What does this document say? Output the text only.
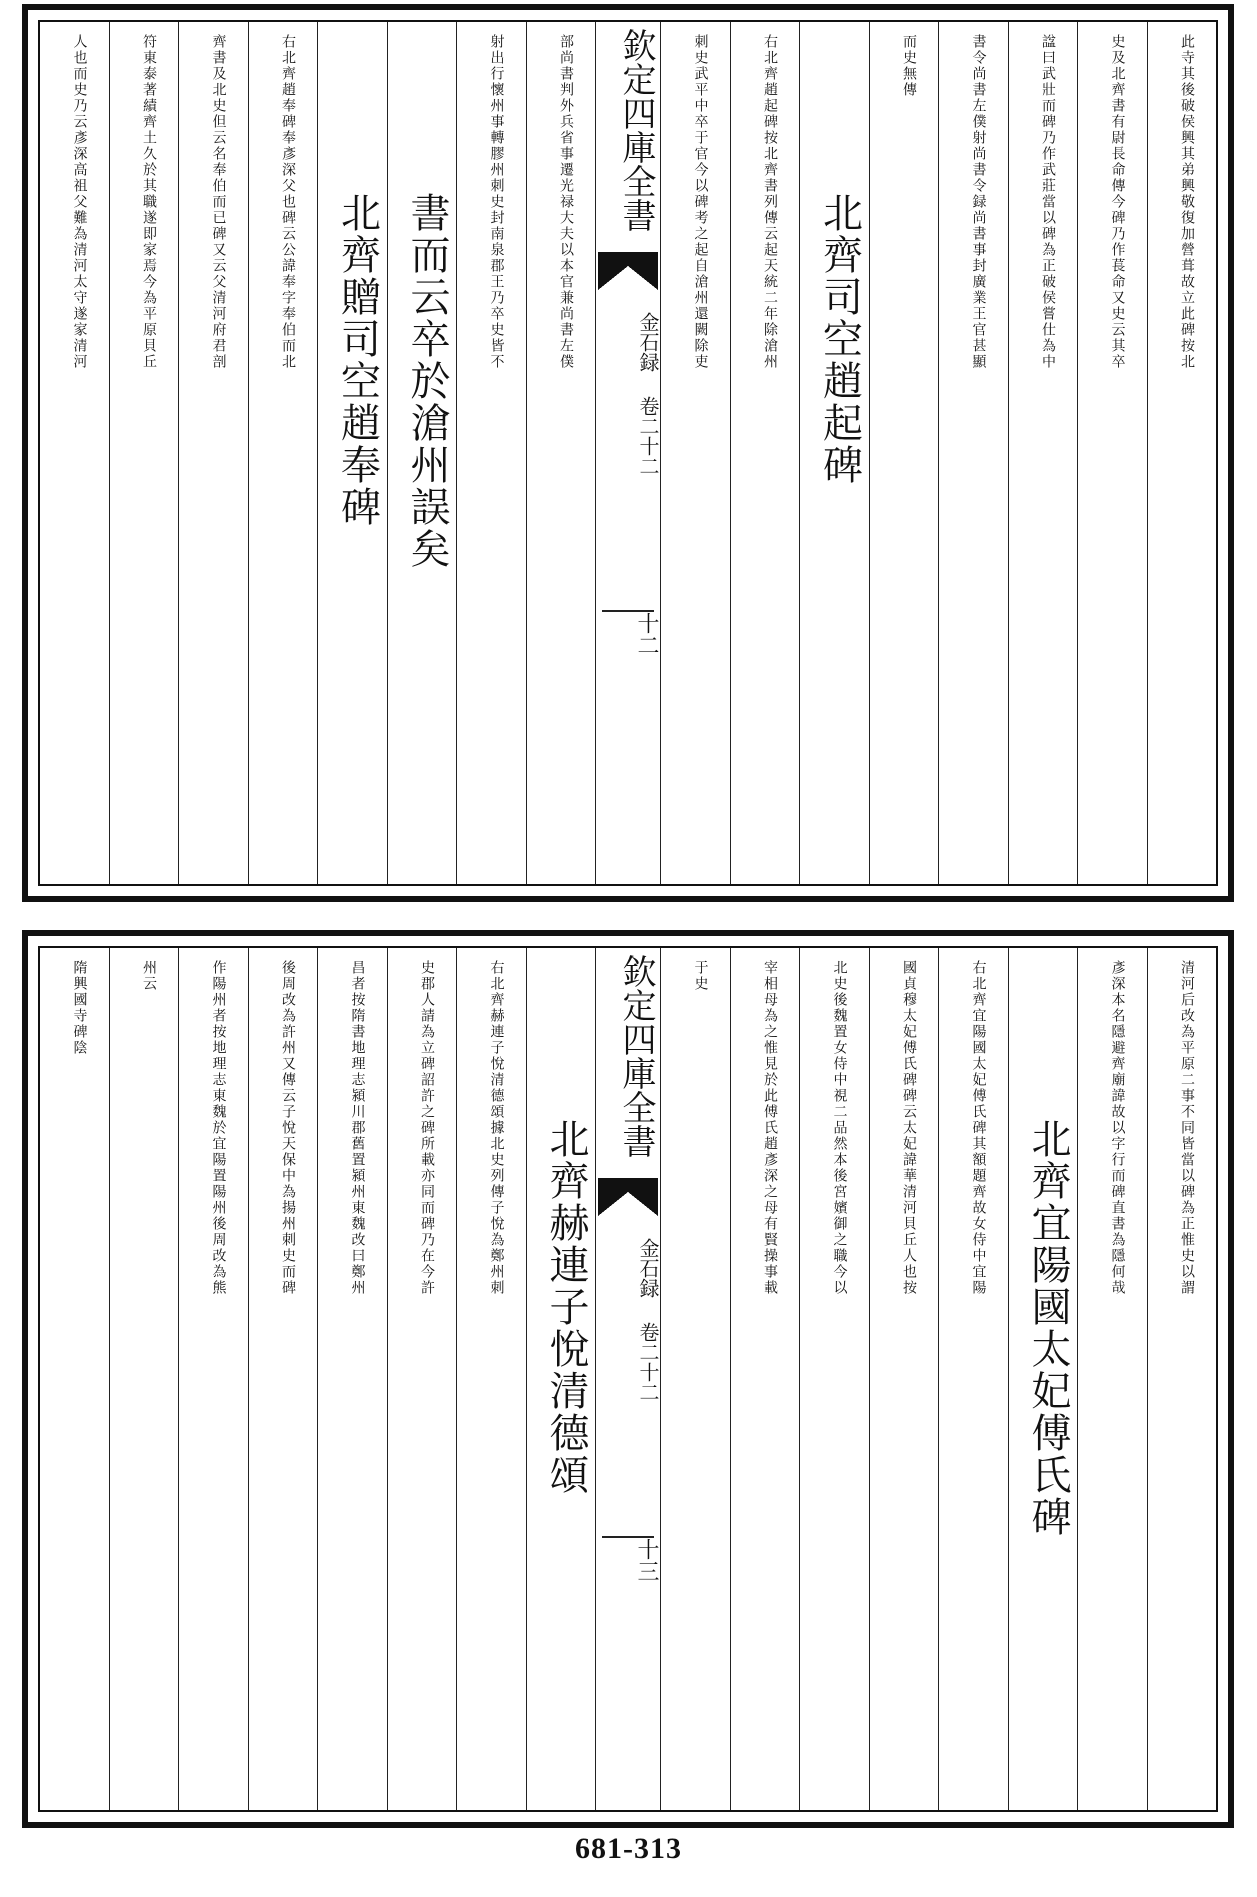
此寺其後破侯興其弟興敬復加營葺故立此碑按北
史及北齊書有尉長命傳今碑乃作萇命又史云其卒
諡曰武壯而碑乃作武莊當以碑為正破侯嘗仕為中
書令尚書左僕射尚書令録尚書事封廣業王官甚顯
而史無傳
北齊司空趙起碑
右北齊趙起碑按北齊書列傳云起天統二年除滄州
刺史武平中卒于官今以碑考之起自滄州還闕除吏
欽定四庫全書
金石録 卷二十二
十二
部尚書判外兵省事遷光禄大夫以本官兼尚書左僕
射出行懷州事轉膠州刺史封南泉郡王乃卒史皆不
書而云卒於滄州誤矣
北齊贈司空趙奉碑
右北齊趙奉碑奉彥深父也碑云公諱奉字奉伯而北
齊書及北史但云名奉伯而已碑又云父清河府君剖
符東泰著績齊土久於其職遂即家焉今為平原貝丘
人也而史乃云彥深高祖父難為清河太守遂家清河
清河后改為平原二事不同皆當以碑為正惟史以謂
彥深本名隱避齊廟諱故以字行而碑直書為隱何哉
北齊宜陽國太妃傅氏碑
右北齊宜陽國太妃傅氏碑其額題齊故女侍中宜陽
國貞穆太妃傅氏碑碑云太妃諱華清河貝丘人也按
北史後魏置女侍中視二品然本後宮嬪御之職今以
宰相母為之惟見於此傅氏趙彥深之母有賢操事載
于史
欽定四庫全書
金石録 卷二十二
十三
北齊赫連子悅清德頌
右北齊赫連子悅清德頌據北史列傳子悅為鄭州刺
史郡人請為立碑詔許之碑所載亦同而碑乃在今許
昌者按隋書地理志潁川郡舊置潁州東魏改曰鄭州
後周改為許州又傳云子悅天保中為揚州刺史而碑
作陽州者按地理志東魏於宜陽置陽州後周改為熊
州云
隋興國寺碑陰
681-313
